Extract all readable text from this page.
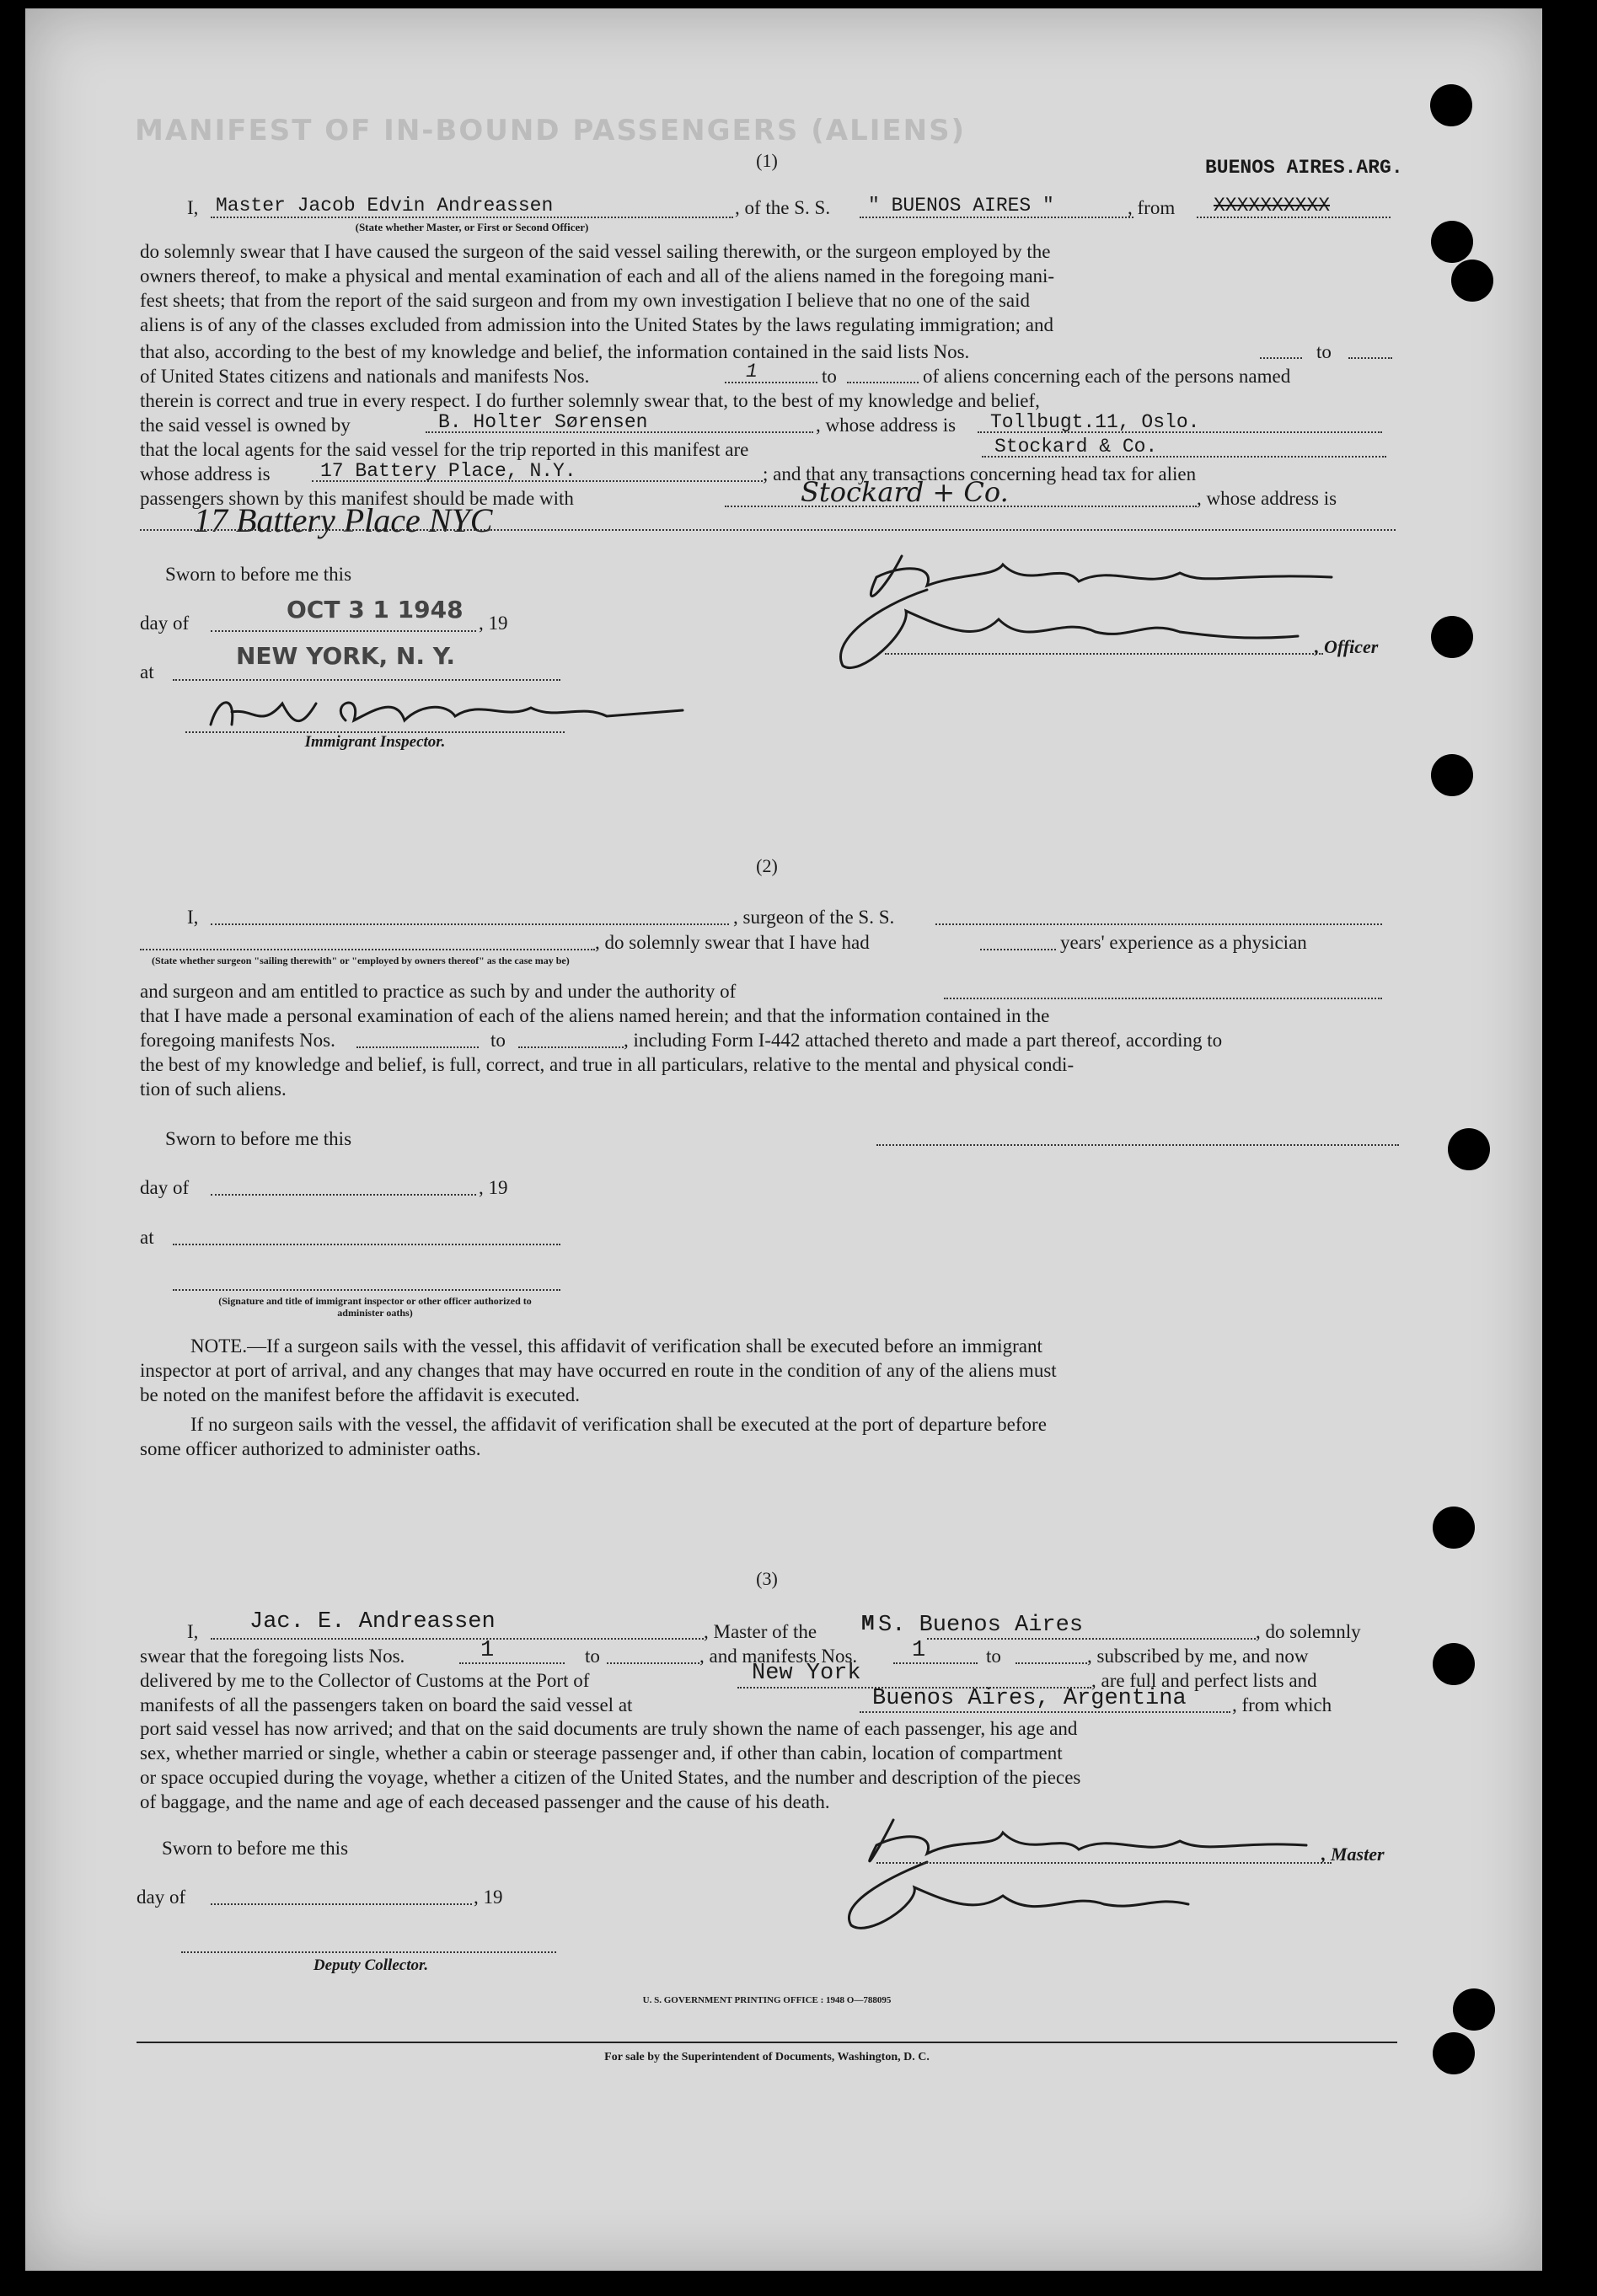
MANIFEST OF IN-BOUND PASSENGERS (ALIENS)
BUENOS AIRES.ARG.
(1)
I, Master Jacob Edvin Andreassen
(State whether Master, or First or Second Officer)
, of the S. S. " BUENOS AIRES "	, from XXXXXXXXXX
do solemnly swear that I have caused the surgeon of the said vessel sailing therewith, or the surgeon employed by the
owners thereof, to make a physical and mental examination of each and all of the aliens named in the foregoing mani-
fest sheets; that from the report of the said surgeon and from my own investigation I believe that no one of the said
aliens is of any of the classes excluded from admission into the United States by the laws regulating immigration; and
that also, according to the best of my knowledge and belief, the information contained in the said lists Nos.	to
of United States citizens and nationals and manifests Nos.	1	to	of aliens concerning each of the persons named
therein is correct and true in every respect. I do further solemnly swear that, to the best of my knowledge and belief,
the said vessel is owned by	B. Holter Sørensen	, whose address is Tollbugt.11, Oslo.
that the local agents for the said vessel for the trip reported in this manifest are	Stockard & Co.
whose address is	17 Battery Place, N.Y.	; and that any transactions concerning head tax for alien
passengers shown by this manifest should be made with	Stockard + Co.	, whose address is
17 Battery Place NYC
Sworn to before me this
day of	OCT 3 1 1948 , 19
at
NEW YORK, N. Y.
Immigrant Inspector.
, Officer
(2)
I,	, surgeon of the S. S.
, do solemnly swear that I have had	years' experience as a physician
(State whether surgeon "sailing therewith" or "employed by owners thereof" as the case may be)
and surgeon and am entitled to practice as such by and under the authority of
that I have made a personal examination of each of the aliens named herein; and that the information contained in the
foregoing manifests Nos.	to	, including Form I-442 attached thereto and made a part thereof, according to
the best of my knowledge and belief, is full, correct, and true in all particulars, relative to the mental and physical condi-
tion of such aliens.
Sworn to before me this
day of	, 19
at
(Signature and title of immigrant inspector or other officer authorized to administer oaths)
NOTE.—If a surgeon sails with the vessel, this affidavit of verification shall be executed before an immigrant
inspector at port of arrival, and any changes that may have occurred en route in the condition of any of the aliens must
be noted on the manifest before the affidavit is executed.
If no surgeon sails with the vessel, the affidavit of verification shall be executed at the port of departure before
some officer authorized to administer oaths.
(3)
I, Jac. E. Andreassen	, Master of the M S. Buenos Aires	, do solemnly
swear that the foregoing lists Nos.	1	to	, and manifests Nos. 1	to	, subscribed by me, and now
delivered by me to the Collector of Customs at the Port of	New York	, are full and perfect lists and
manifests of all the passengers taken on board the said vessel at	Buenos Aires, Argentina , from which
port said vessel has now arrived; and that on the said documents are truly shown the name of each passenger, his age and
sex, whether married or single, whether a cabin or steerage passenger and, if other than cabin, location of compartment
or space occupied during the voyage, whether a citizen of the United States, and the number and description of the pieces
of baggage, and the name and age of each deceased passenger and the cause of his death.
Sworn to before me this	, Master
day of	, 19
Deputy Collector.
U. S. GOVERNMENT PRINTING OFFICE : 1948 O—788095
For sale by the Superintendent of Documents, Washington, D. C.
